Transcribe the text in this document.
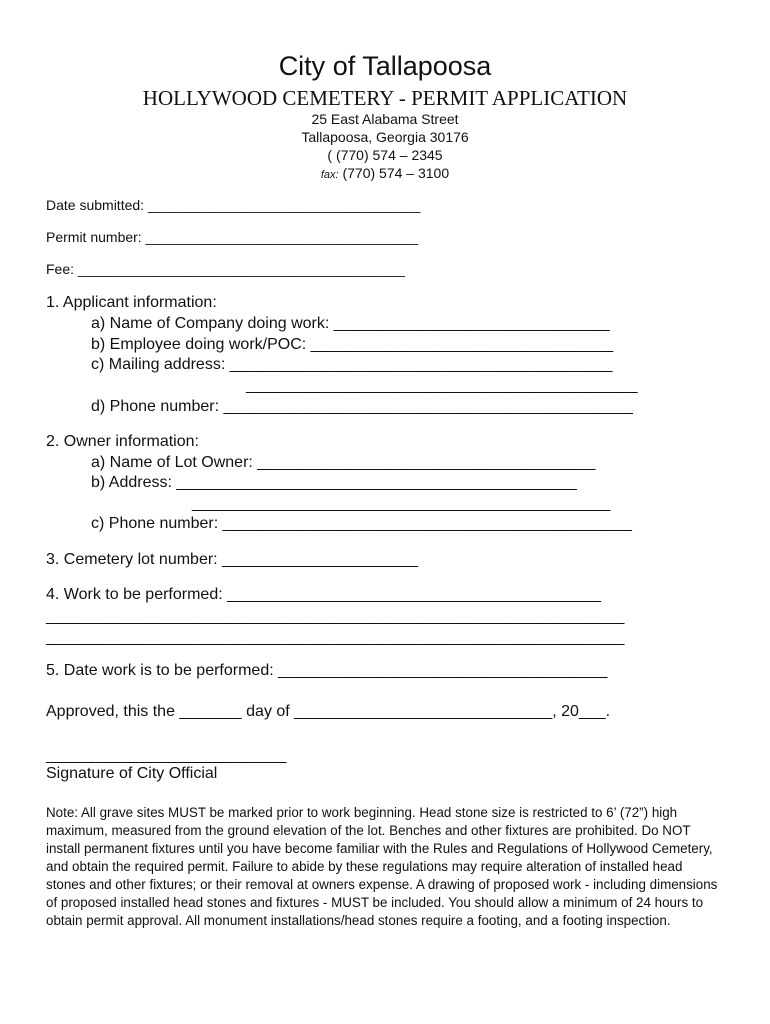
City of Tallapoosa
HOLLYWOOD CEMETERY - PERMIT APPLICATION
25 East Alabama Street
Tallapoosa, Georgia 30176
( (770) 574 – 2345
fax: (770) 574 – 3100
Date submitted: ___________________________________
Permit number: ___________________________________
Fee: __________________________________________
1. Applicant information:
a) Name of Company doing work: _______________________________
b) Employee doing work/POC: __________________________________
c) Mailing address: ___________________________________________
____________________________________________
d) Phone number: ______________________________________________
2. Owner information:
a) Name of Lot Owner: ______________________________________
b) Address: _____________________________________________
_______________________________________________
c) Phone number: ______________________________________________
3. Cemetery lot number: ______________________
4. Work to be performed: __________________________________________
_________________________________________________________________
_________________________________________________________________
5. Date work is to be performed: _____________________________________
Approved, this the _______ day of _____________________________, 20___.
___________________________
Signature of City Official
Note: All grave sites MUST be marked prior to work beginning. Head stone size is restricted to 6’ (72”) high maximum, measured from the ground elevation of the lot. Benches and other fixtures are prohibited. Do NOT install permanent fixtures until you have become familiar with the Rules and Regulations of Hollywood Cemetery, and obtain the required permit. Failure to abide by these regulations may require alteration of installed head stones and other fixtures; or their removal at owners expense. A drawing of proposed work - including dimensions of proposed installed head stones and fixtures - MUST be included. You should allow a minimum of 24 hours to obtain permit approval. All monument installations/head stones require a footing, and a footing inspection.
